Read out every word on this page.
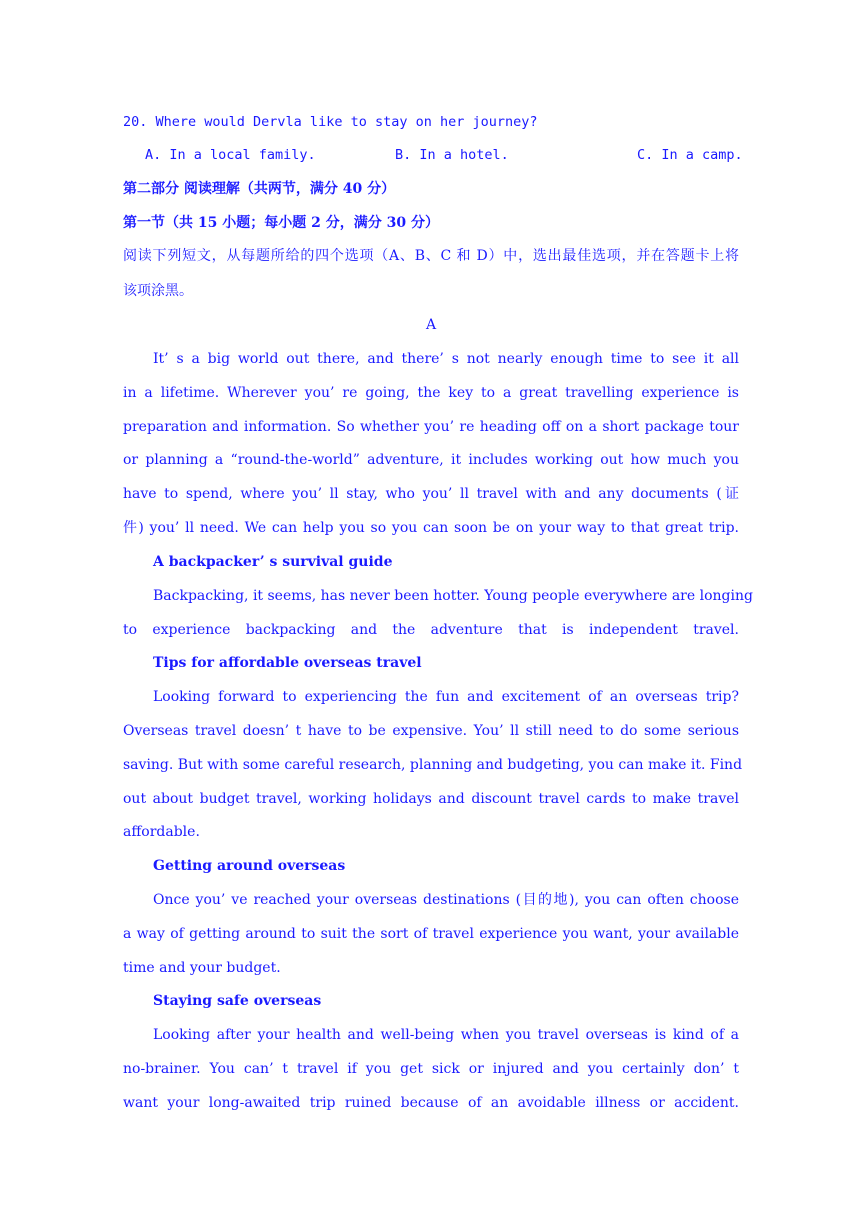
20. Where would Dervla like to stay on her journey?
A. In a local family.	B. In a hotel.	C. In a camp.
第二部分 阅读理解（共两节，满分 40 分）
第一节（共 15 小题；每小题 2 分，满分 30 分）
阅读下列短文，从每题所给的四个选项（A、B、C 和 D）中，选出最佳选项，并在答题卡上将
该项涂黑。
A
It’ s a big world out there, and there’ s not nearly enough time to see it all
in a lifetime. Wherever you’ re going, the key to a great travelling experience is
preparation and information. So whether you’ re heading off on a short package tour
or planning a “round-the-world” adventure, it includes working out how much you
have to spend, where you’ ll stay, who you’ ll travel with and any documents (证
件) you’ ll need. We can help you so you can soon be on your way to that great trip.
A backpacker’ s survival guide
Backpacking, it seems, has never been hotter. Young people everywhere are longing
to experience backpacking and the adventure that is independent travel.
Tips for affordable overseas travel
Looking forward to experiencing the fun and excitement of an overseas trip?
Overseas travel doesn’ t have to be expensive. You’ ll still need to do some serious
saving. But with some careful research, planning and budgeting, you can make it. Find
out about budget travel, working holidays and discount travel cards to make travel
affordable.
Getting around overseas
Once you’ ve reached your overseas destinations (目的地), you can often choose
a way of getting around to suit the sort of travel experience you want, your available
time and your budget.
Staying safe overseas
Looking after your health and well-being when you travel overseas is kind of a
no-brainer. You can’ t travel if you get sick or injured and you certainly don’ t
want your long-awaited trip ruined because of an avoidable illness or accident.
